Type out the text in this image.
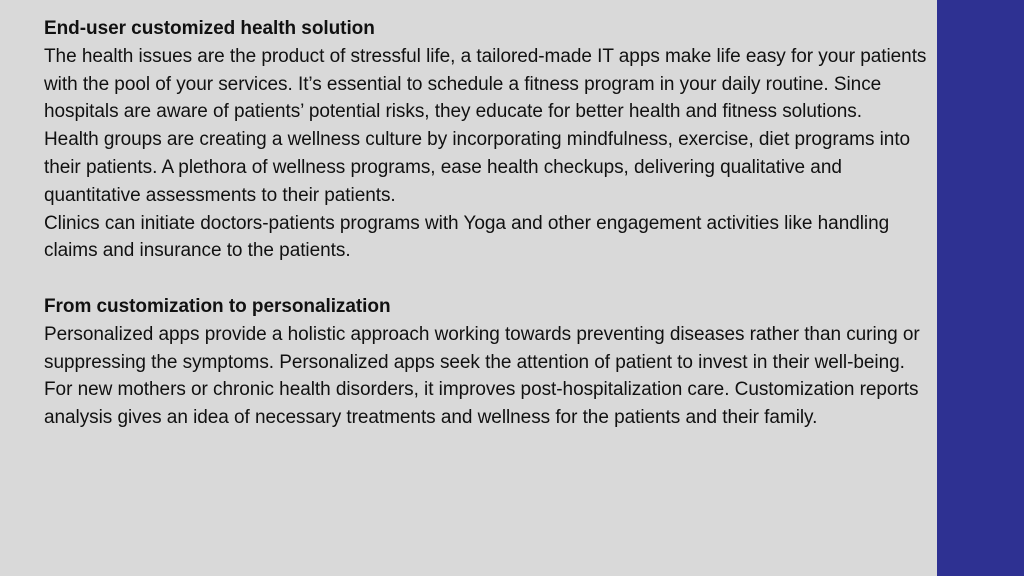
End-user customized health solution

The health issues are the product of stressful life, a tailored-made IT apps make life easy for your patients with the pool of your services. It’s essential to schedule a fitness program in your daily routine. Since hospitals are aware of patients’ potential risks, they educate for better health and fitness solutions.

Health groups are creating a wellness culture by incorporating mindfulness, exercise, diet programs into their patients. A plethora of wellness programs, ease health checkups, delivering qualitative and quantitative assessments to their patients.

Clinics can initiate doctors-patients programs with Yoga and other engagement activities like handling claims and insurance to the patients.

From customization to personalization

Personalized apps provide a holistic approach working towards preventing diseases rather than curing or suppressing the symptoms. Personalized apps seek the attention of patient to invest in their well-being. For new mothers or chronic health disorders, it improves post-hospitalization care. Customization reports analysis gives an idea of necessary treatments and wellness for the patients and their family.
